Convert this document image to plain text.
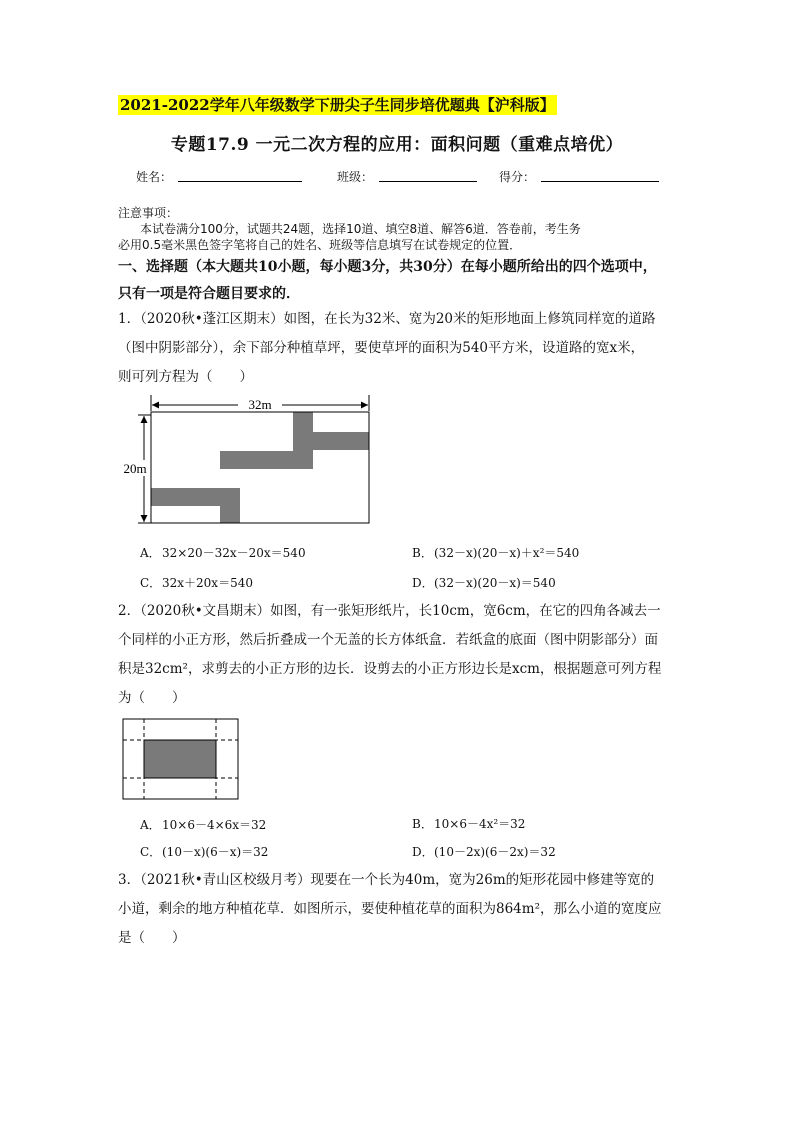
2021-2022学年八年级数学下册尖子生同步培优题典【沪科版】
专题17.9 一元二次方程的应用：面积问题（重难点培优）
姓名：	班级：	得分：
注意事项：
本试卷满分100分，试题共24题，选择10道、填空8道、解答6道．答卷前，考生务
必用0.5毫米黑色签字笔将自己的姓名、班级等信息填写在试卷规定的位置．
一、选择题（本大题共10小题，每小题3分，共30分）在每小题所给出的四个选项中，
只有一项是符合题目要求的．

1．（2020秋•蓬江区期末）如图，在长为32米、宽为20米的矩形地面上修筑同样宽的道路

（图中阴影部分），余下部分种植草坪，要使草坪的面积为540平方米，设道路的宽x米，

则可列方程为（　　）

32m
20m
A．32×20－32x－20x＝540	B．(32－x)(20－x)＋x²＝540
C．32x＋20x＝540	D．(32－x)(20－x)＝540

2．（2020秋•文昌期末）如图，有一张矩形纸片，长10cm，宽6cm，在它的四角各减去一

个同样的小正方形，然后折叠成一个无盖的长方体纸盒．若纸盒的底面（图中阴影部分）面

积是32cm²，求剪去的小正方形的边长．设剪去的小正方形边长是xcm，根据题意可列方程

为（　　）

A．10×6－4×6x＝32	B．10×6－4x²＝32
C．(10－x)(6－x)＝32	D．(10－2x)(6－2x)＝32

3．（2021秋•青山区校级月考）现要在一个长为40m，宽为26m的矩形花园中修建等宽的

小道，剩余的地方种植花草．如图所示，要使种植花草的面积为864m²，那么小道的宽度应

是（　　）
